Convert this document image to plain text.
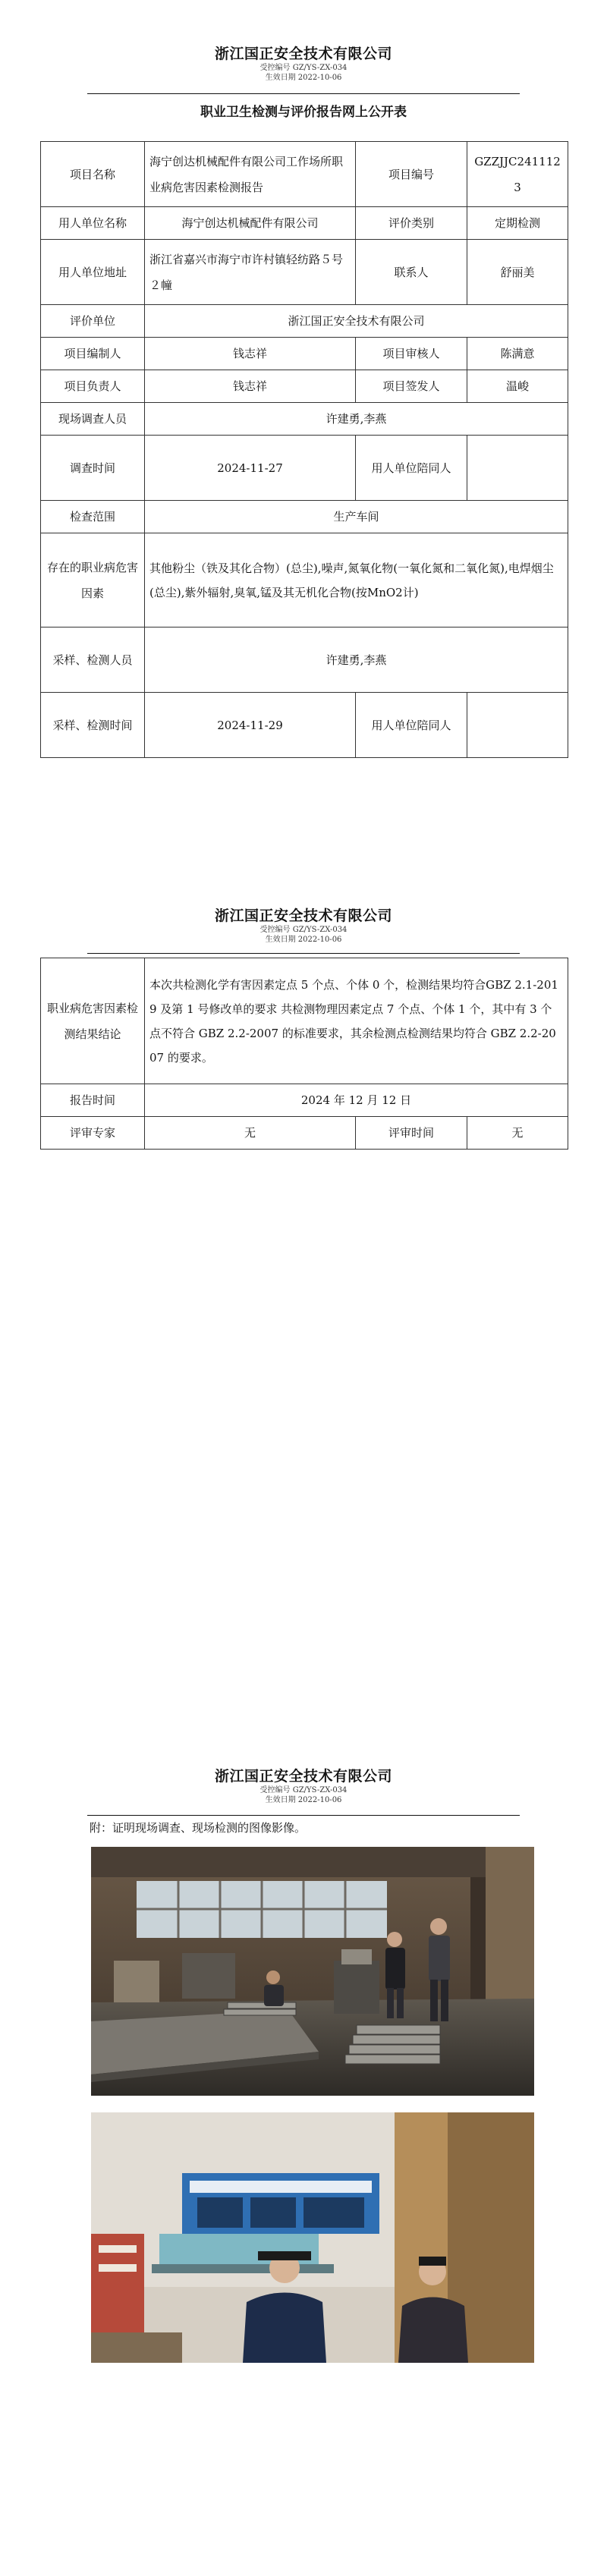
浙江国正安全技术有限公司
受控编号 GZ/YS-ZX-034
生效日期 2022-10-06
职业卫生检测与评价报告网上公开表
项目名称	海宁创达机械配件有限公司工作场所职业病危害因素检测报告	项目编号	GZZJJC2411123
用人单位名称	海宁创达机械配件有限公司	评价类别	定期检测
用人单位地址	浙江省嘉兴市海宁市许村镇轻纺路５号２幢	联系人	舒丽美
评价单位	浙江国正安全技术有限公司		
项目编制人	钱志祥	项目审核人	陈满意
项目负责人	钱志祥	项目签发人	温峻
现场调查人员	许建勇,李燕		
调查时间	2024-11-27	用人单位陪同人	
检查范围	生产车间		
存在的职业病危害因素	其他粉尘（铁及其化合物）(总尘),噪声,氮氧化物(一氧化氮和二氧化氮),电焊烟尘(总尘),紫外辐射,臭氧,锰及其无机化合物(按MnO2计)		
采样、检测人员	许建勇,李燕		
采样、检测时间	2024-11-29	用人单位陪同人	
浙江国正安全技术有限公司
受控编号 GZ/YS-ZX-034
生效日期 2022-10-06
职业病危害因素检测结果结论	本次共检测化学有害因素定点 5 个点、个体 0 个，检测结果均符合GBZ 2.1-2019 及第 1 号修改单的要求 共检测物理因素定点 7 个点、个体 1 个，其中有 3 个点不符合 GBZ 2.2-2007 的标准要求，其余检测点检测结果均符合 GBZ 2.2-2007 的要求。		
报告时间	2024 年 12 月 12 日		
评审专家	无	评审时间	无
浙江国正安全技术有限公司
受控编号 GZ/YS-ZX-034
生效日期 2022-10-06
附：证明现场调查、现场检测的图像影像。
